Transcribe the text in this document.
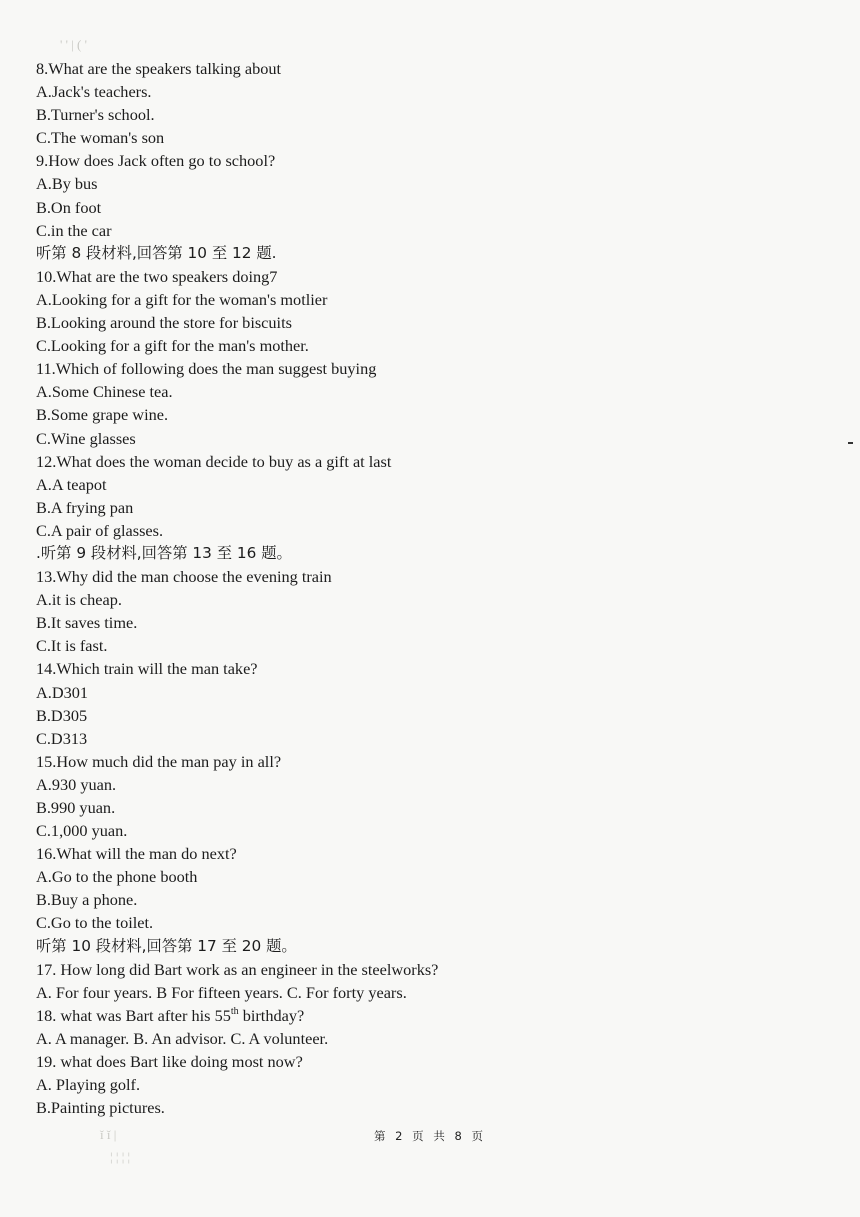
' ' | ( '
ǐ ǐ |
¦ ¦ ¦ ¦
8.What are the speakers talking about
A.Jack's teachers.
B.Turner's school.
C.The woman's son
9.How does Jack often go to school?
A.By bus
B.On foot
C.in the car
听第 8 段材料,回答第 10 至 12 题.
10.What are the two speakers doing7
A.Looking for a gift for the woman's motlier
B.Looking around the store for biscuits
C.Looking for a gift for the man's mother.
11.Which of following does the man suggest buying
A.Some Chinese tea.
B.Some grape wine.
C.Wine glasses
12.What does the woman decide to buy as a gift at last
A.A teapot
B.A frying pan
C.A pair of glasses.
.听第 9 段材料,回答第 13 至 16 题。
13.Why did the man choose the evening train
A.it is cheap.
B.It saves time.
C.It is fast.
14.Which train will the man take?
A.D301
B.D305
C.D313
15.How much did the man pay in all?
A.930 yuan.
B.990 yuan.
C.1,000 yuan.
16.What will the man do next?
A.Go to the phone booth
B.Buy a phone.
C.Go to the toilet.
听第 10 段材料,回答第 17 至 20 题。
17. How long did Bart work as an engineer in the steelworks?
A. For four years. B For fifteen years. C. For forty years.
18. what was Bart after his 55th birthday?
A. A manager. B. An advisor. C. A volunteer.
19. what does Bart like doing most now?
A. Playing golf.
B.Painting pictures.
第 2 页 共 8 页
